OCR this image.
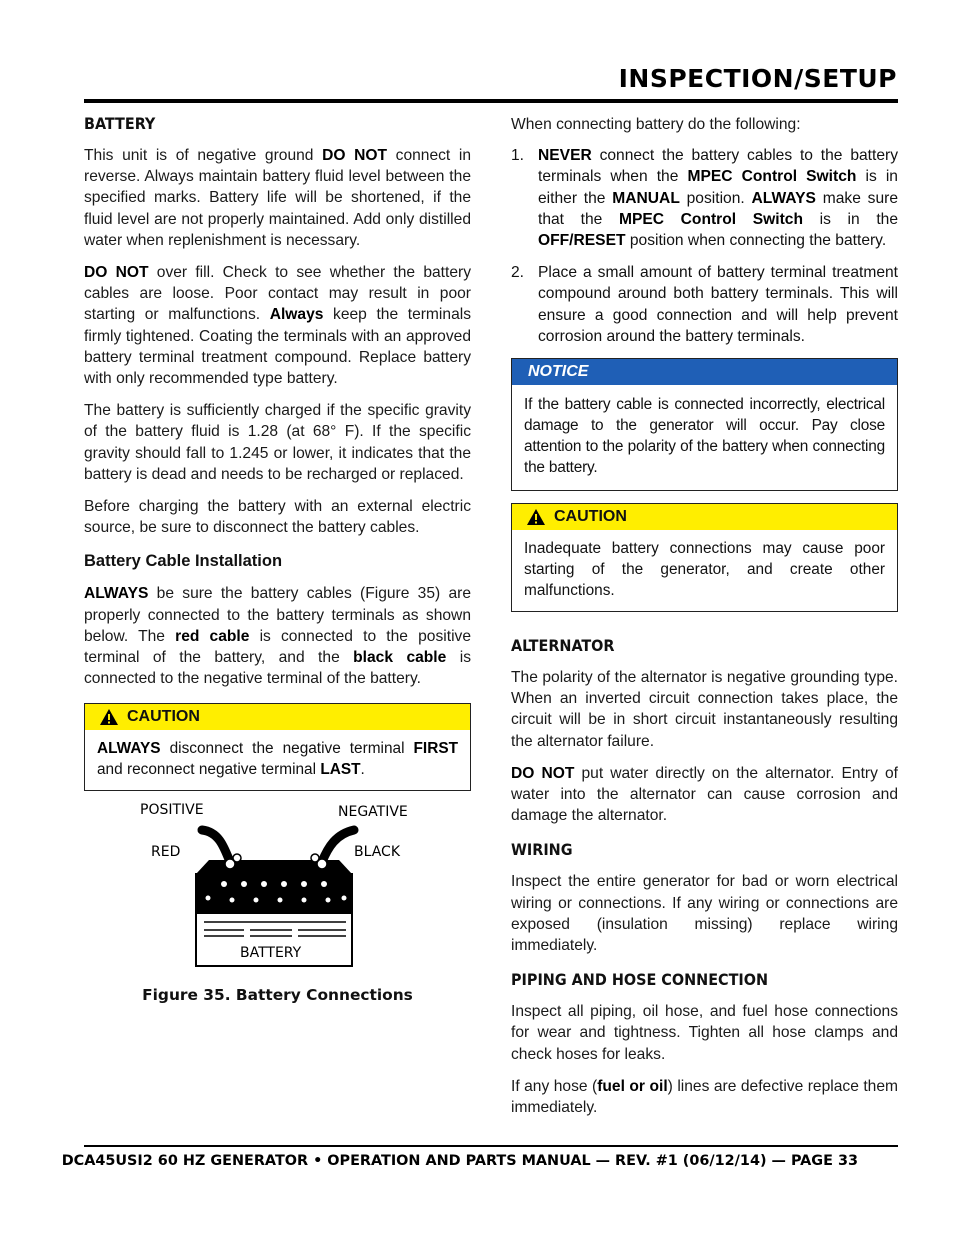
INSPECTION/SETUP
BATTERY

This unit is of negative ground DO NOT connect in reverse. Always maintain battery fluid level between the specified marks. Battery life will be shortened, if the fluid level are not properly maintained. Add only distilled water when replenishment is necessary.

DO NOT over fill. Check to see whether the battery cables are loose. Poor contact may result in poor starting or malfunctions. Always keep the terminals firmly tightened. Coating the terminals with an approved battery terminal treatment compound. Replace battery with only recommended type battery.

The battery is sufficiently charged if the specific gravity of the battery fluid is 1.28 (at 68° F). If the specific gravity should fall to 1.245 or lower, it indicates that the battery is dead and needs to be recharged or replaced.

Before charging the battery with an external electric source, be sure to disconnect the battery cables.

Battery Cable Installation

ALWAYS be sure the battery cables (Figure 35) are properly connected to the battery terminals as shown below. The red cable is connected to the positive terminal of the battery, and the black cable is connected to the negative terminal of the battery.

CAUTION
ALWAYS disconnect the negative terminal FIRST and reconnect negative terminal LAST.
POSITIVE	NEGATIVE
RED	BLACK
BATTERY
Figure 35. Battery Connections

When connecting battery do the following:

1. NEVER connect the battery cables to the battery terminals when the MPEC Control Switch is in either the MANUAL position. ALWAYS make sure that the MPEC Control Switch is in the OFF/RESET position when connecting the battery.
2. Place a small amount of battery terminal treatment compound around both battery terminals. This will ensure a good connection and will help prevent corrosion around the battery terminals.
NOTICE
If the battery cable is connected incorrectly, electrical damage to the generator will occur. Pay close attention to the polarity of the battery when connecting the battery.
CAUTION
Inadequate battery connections may cause poor starting of the generator, and create other malfunctions.
ALTERNATOR

The polarity of the alternator is negative grounding type. When an inverted circuit connection takes place, the circuit will be in short circuit instantaneously resulting the alternator failure.

DO NOT put water directly on the alternator. Entry of water into the alternator can cause corrosion and damage the alternator.

WIRING

Inspect the entire generator for bad or worn electrical wiring or connections. If any wiring or connections are exposed (insulation missing) replace wiring immediately.

PIPING AND HOSE CONNECTION

Inspect all piping, oil hose, and fuel hose connections for wear and tightness. Tighten all hose clamps and check hoses for leaks.

If any hose (fuel or oil) lines are defective replace them immediately.

DCA45USI2 60 HZ GENERATOR • OPERATION AND PARTS MANUAL — REV. #1 (06/12/14) — PAGE 33
